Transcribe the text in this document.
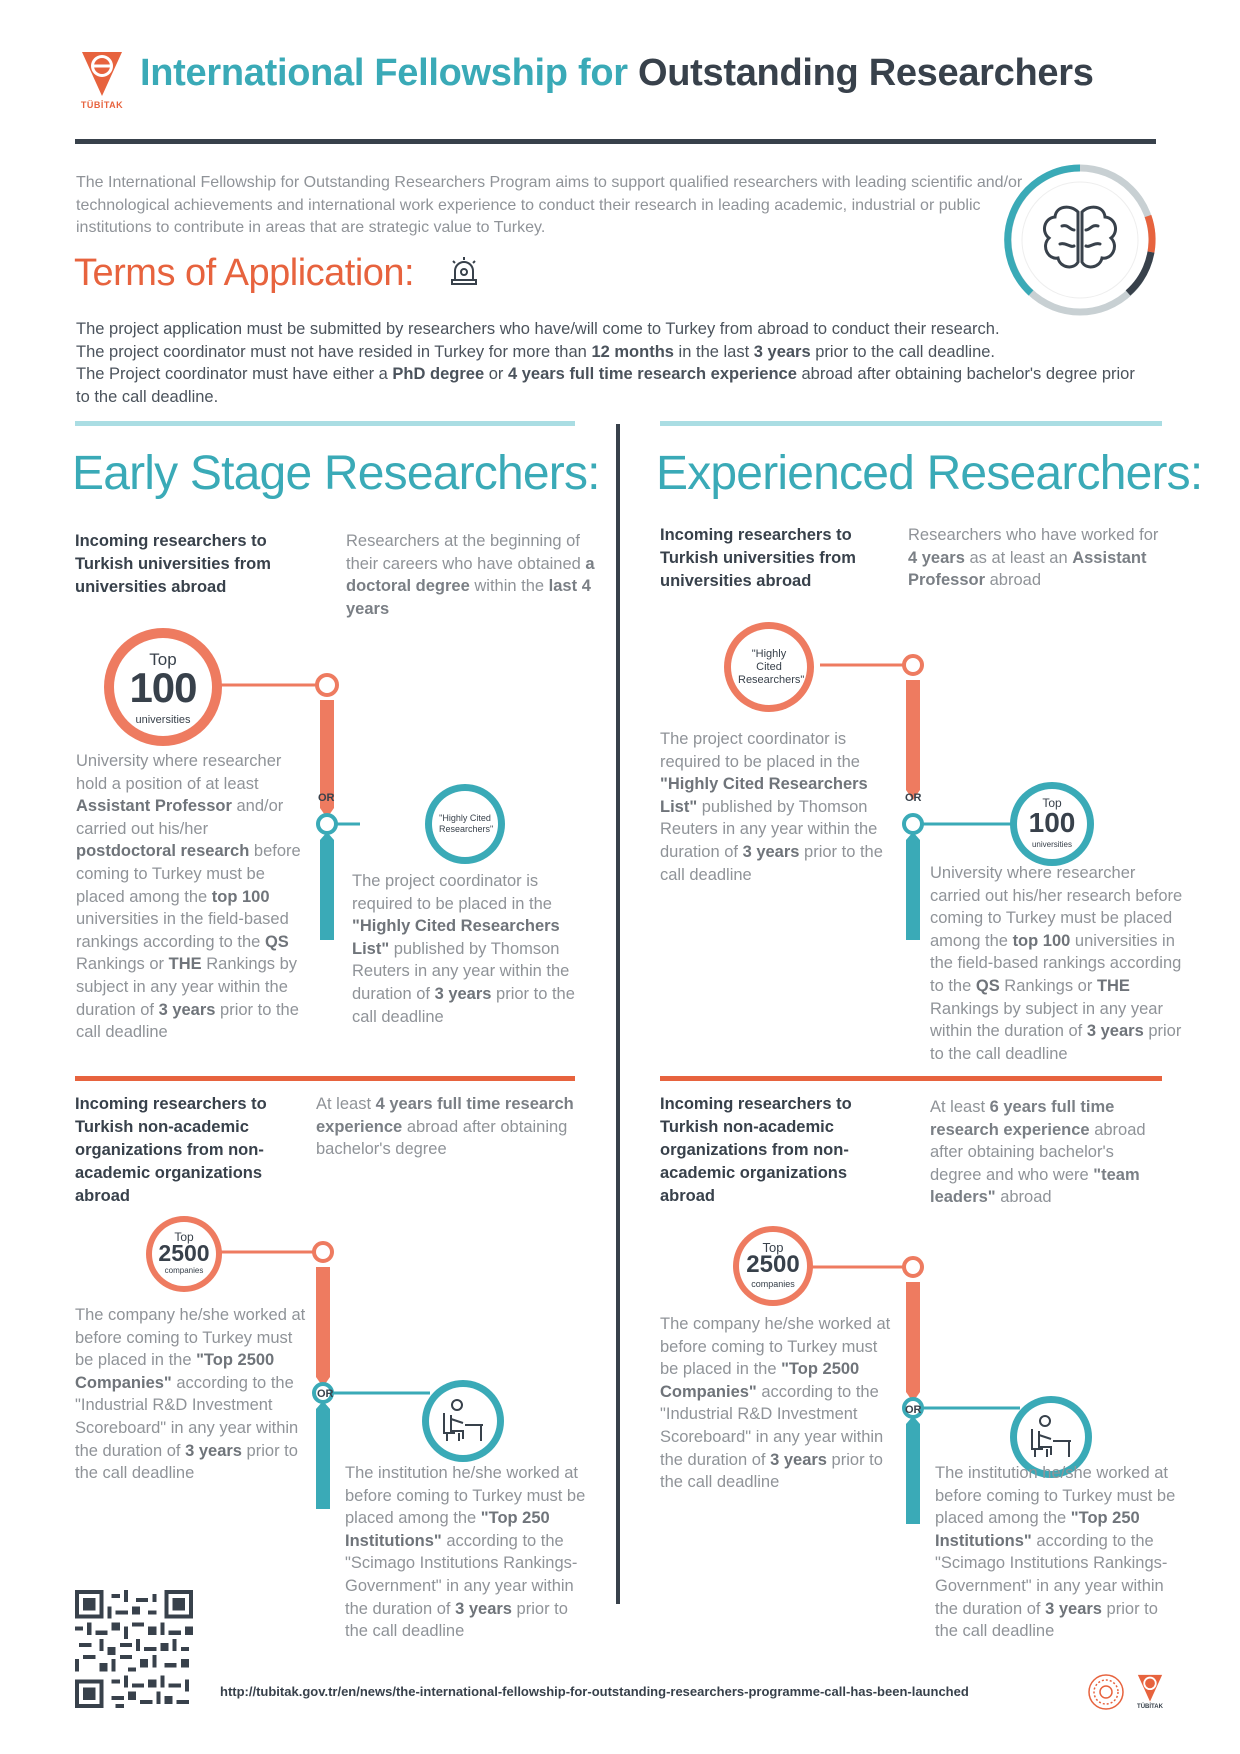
TÜBİTAK
International Fellowship for Outstanding Researchers
The International Fellowship for Outstanding Researchers Program aims to support qualified researchers with leading scientific and/or technological achievements and international work experience to conduct their research in leading academic, industrial or public institutions to contribute in areas that are strategic value to Turkey.
Terms of Application:

The project application must be submitted by researchers who have/will come to Turkey from abroad to conduct their research.

The project coordinator must not have resided in Turkey for more than 12 months in the last 3 years prior to the call deadline.

The Project coordinator must have either a PhD degree or 4 years full time research experience abroad after obtaining bachelor's degree prior to the call deadline.

Early Stage Researchers:
Incoming researchers to Turkish universities from universities abroad
Researchers at the beginning of their careers who have obtained a doctoral degree within the last 4 years
Top
100
universities
OR
"Highly Cited Researchers"
University where researcher hold a position of at least Assistant Professor and/or carried out his/her postdoctoral research before coming to Turkey must be placed among the top 100 universities in the field-based rankings according to the QS Rankings or THE Rankings by subject in any year within the duration of 3 years prior to the call deadline
The project coordinator is required to be placed in the "Highly Cited Researchers List" published by Thomson Reuters in any year within the duration of 3 years prior to the call deadline
Incoming researchers to Turkish non-academic organizations from non-academic organizations abroad
At least 4 years full time research experience abroad after obtaining bachelor's degree
Top
2500
companies
OR
The company he/she worked at before coming to Turkey must be placed in the "Top 2500 Companies" according to the "Industrial R&D Investment Scoreboard" in any year within the duration of 3 years prior to the call deadline	The institution he/she worked at before coming to Turkey must be placed among the "Top 250 Institutions" according to the "Scimago Institutions Rankings-Government" in any year within the duration of 3 years prior to the call deadline
Experienced Researchers:
Incoming researchers to Turkish universities from universities abroad
Researchers who have worked for 4 years as at least an Assistant Professor abroad
"Highly Cited Researchers"
OR	Top
100
universities
The project coordinator is required to be placed in the "Highly Cited Researchers List" published by Thomson Reuters in any year within the duration of 3 years prior to the call deadline	University where researcher carried out his/her research before coming to Turkey must be placed among the top 100 universities in the field-based rankings according to the QS Rankings or THE Rankings by subject in any year within the duration of 3 years prior to the call deadline
Incoming researchers to Turkish non-academic organizations from non-academic organizations abroad
At least 6 years full time research experience abroad after obtaining bachelor's degree and who were "team leaders" abroad
Top
2500
companies
OR
The company he/she worked at before coming to Turkey must be placed in the "Top 2500 Companies" according to the "Industrial R&D Investment Scoreboard" in any year within the duration of 3 years prior to the call deadline
The institution he/she worked at before coming to Turkey must be placed among the "Top 250 Institutions" according to the "Scimago Institutions Rankings-Government" in any year within the duration of 3 years prior to the call deadline
http://tubitak.gov.tr/en/news/the-international-fellowship-for-outstanding-researchers-programme-call-has-been-launched
TÜBİTAK
